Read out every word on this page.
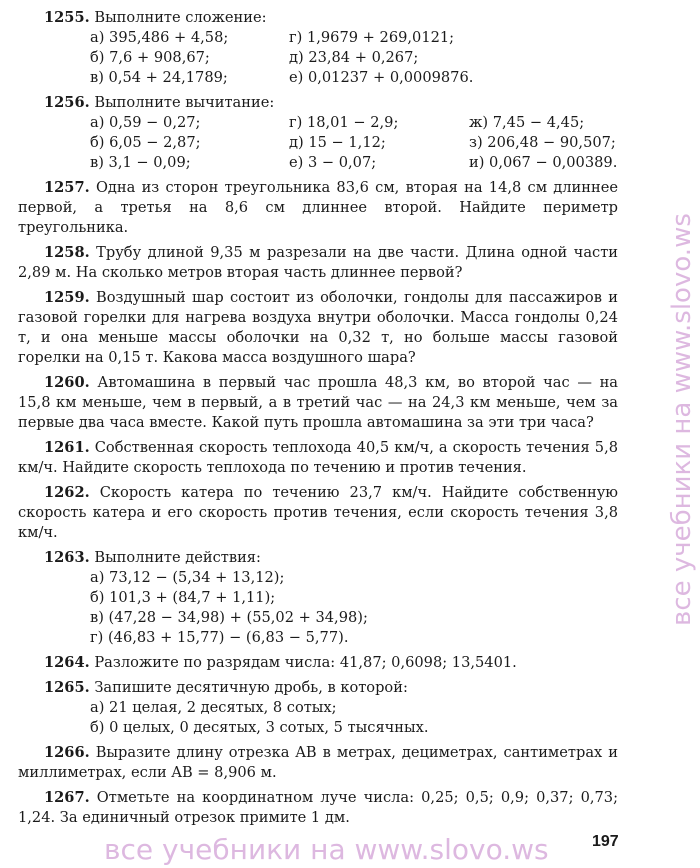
1255. Выполните сложение:
а) 395,486 + 4,58;	г) 1,9679 + 269,0121;
б) 7,6 + 908,67;	д) 23,84 + 0,267;
в) 0,54 + 24,1789;	е) 0,01237 + 0,0009876.
1256. Выполните вычитание:
а) 0,59 − 0,27;	г) 18,01 − 2,9;	ж) 7,45 − 4,45;
б) 6,05 − 2,87;	д) 15 − 1,12;	з) 206,48 − 90,507;
в) 3,1 − 0,09;	е) 3 − 0,07;	и) 0,067 − 0,00389.
1257. Одна из сторон треугольника 83,6 см, вторая на 14,8 см длиннее первой, а третья на 8,6 см длиннее второй. Найдите периметр треугольника.
1258. Трубу длиной 9,35 м разрезали на две части. Длина одной части 2,89 м. На сколько метров вторая часть длиннее первой?
1259. Воздушный шар состоит из оболочки, гондолы для пассажиров и газовой горелки для нагрева воздуха внутри оболочки. Масса гондолы 0,24 т, и она меньше массы оболочки на 0,32 т, но больше массы газовой горелки на 0,15 т. Какова масса воздушного шара?
1260. Автомашина в первый час прошла 48,3 км, во второй час — на 15,8 км меньше, чем в первый, а в третий час — на 24,3 км меньше, чем за первые два часа вместе. Какой путь прошла автомашина за эти три часа?
1261. Собственная скорость теплохода 40,5 км/ч, а скорость течения 5,8 км/ч. Найдите скорость теплохода по течению и против течения.
1262. Скорость катера по течению 23,7 км/ч. Найдите собственную скорость катера и его скорость против течения, если скорость течения 3,8 км/ч.
1263. Выполните действия:
а) 73,12 − (5,34 + 13,12);
б) 101,3 + (84,7 + 1,11);
в) (47,28 − 34,98) + (55,02 + 34,98);
г) (46,83 + 15,77) − (6,83 − 5,77).
1264. Разложите по разрядам числа: 41,87; 0,6098; 13,5401.
1265. Запишите десятичную дробь, в которой:
а) 21 целая, 2 десятых, 8 сотых;
б) 0 целых, 0 десятых, 3 сотых, 5 тысячных.
1266. Выразите длину отрезка AB в метрах, дециметрах, сантиметрах и миллиметрах, если AB = 8,906 м.
1267. Отметьте на координатном луче числа: 0,25; 0,5; 0,9; 0,37; 0,73; 1,24. За единичный отрезок примите 1 дм.
все учебники на www.slovo.ws
все учебники на www.slovo.ws	197
